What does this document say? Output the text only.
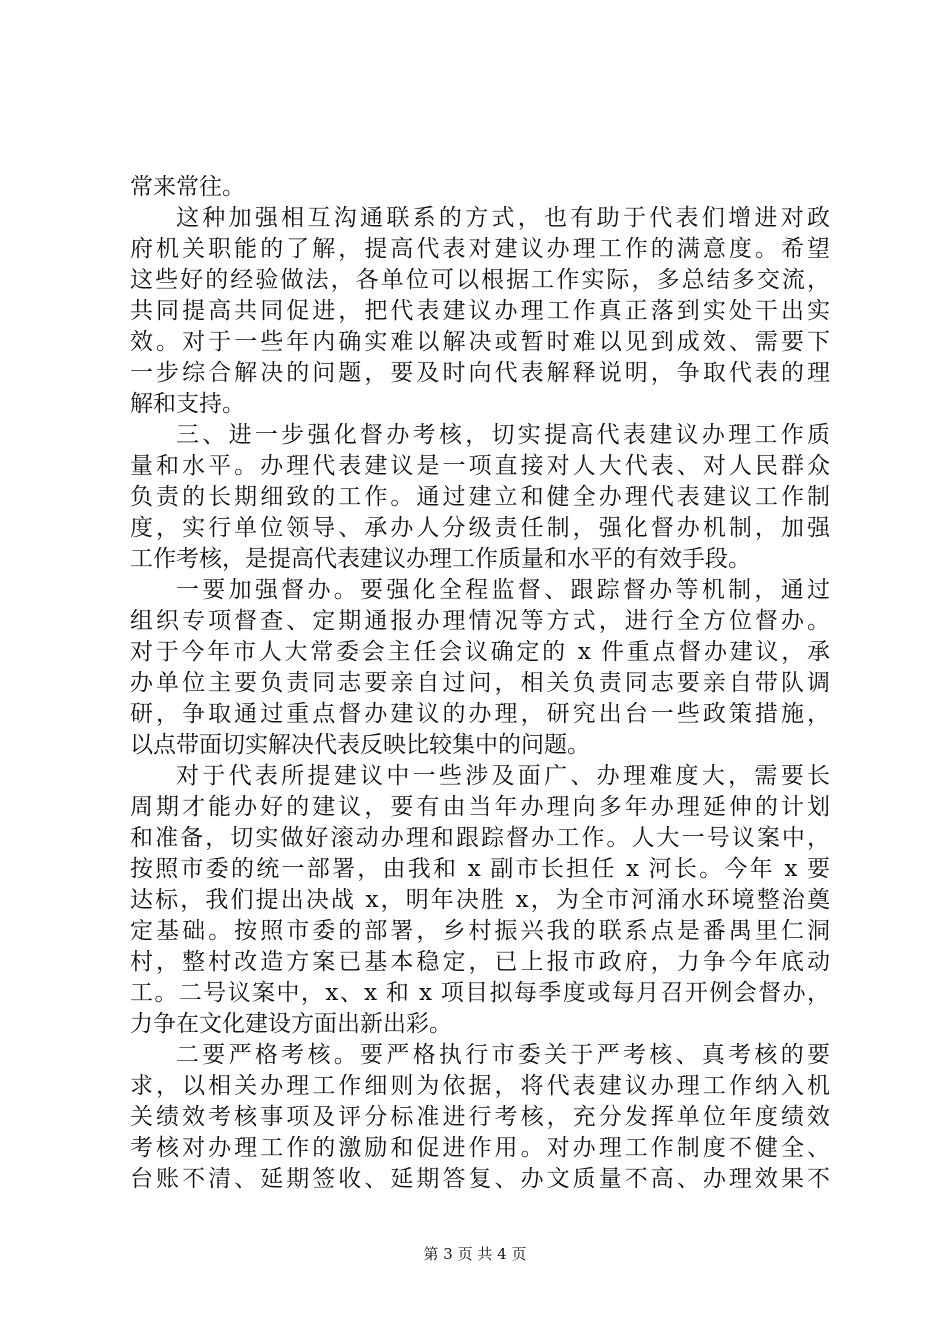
常来常往。
这种加强相互沟通联系的方式，也有助于代表们增进对政
府机关职能的了解，提高代表对建议办理工作的满意度。希望
这些好的经验做法，各单位可以根据工作实际，多总结多交流，
共同提高共同促进，把代表建议办理工作真正落到实处干出实
效。对于一些年内确实难以解决或暂时难以见到成效、需要下
一步综合解决的问题，要及时向代表解释说明，争取代表的理
解和支持。
三、进一步强化督办考核，切实提高代表建议办理工作质
量和水平。办理代表建议是一项直接对人大代表、对人民群众
负责的长期细致的工作。通过建立和健全办理代表建议工作制
度，实行单位领导、承办人分级责任制，强化督办机制，加强
工作考核，是提高代表建议办理工作质量和水平的有效手段。
一要加强督办。要强化全程监督、跟踪督办等机制，通过
组织专项督查、定期通报办理情况等方式，进行全方位督办。
对于今年市人大常委会主任会议确定的 x 件重点督办建议，承
办单位主要负责同志要亲自过问，相关负责同志要亲自带队调
研，争取通过重点督办建议的办理，研究出台一些政策措施，
以点带面切实解决代表反映比较集中的问题。
对于代表所提建议中一些涉及面广、办理难度大，需要长
周期才能办好的建议，要有由当年办理向多年办理延伸的计划
和准备，切实做好滚动办理和跟踪督办工作。人大一号议案中，
按照市委的统一部署，由我和 x 副市长担任 x 河长。今年 x 要
达标，我们提出决战 x，明年决胜 x，为全市河涌水环境整治奠
定基础。按照市委的部署，乡村振兴我的联系点是番禺里仁洞
村，整村改造方案已基本稳定，已上报市政府，力争今年底动
工。二号议案中，x、x 和 x 项目拟每季度或每月召开例会督办，
力争在文化建设方面出新出彩。
二要严格考核。要严格执行市委关于严考核、真考核的要
求，以相关办理工作细则为依据，将代表建议办理工作纳入机
关绩效考核事项及评分标准进行考核，充分发挥单位年度绩效
考核对办理工作的激励和促进作用。对办理工作制度不健全、
台账不清、延期签收、延期答复、办文质量不高、办理效果不
第 3 页 共 4 页
